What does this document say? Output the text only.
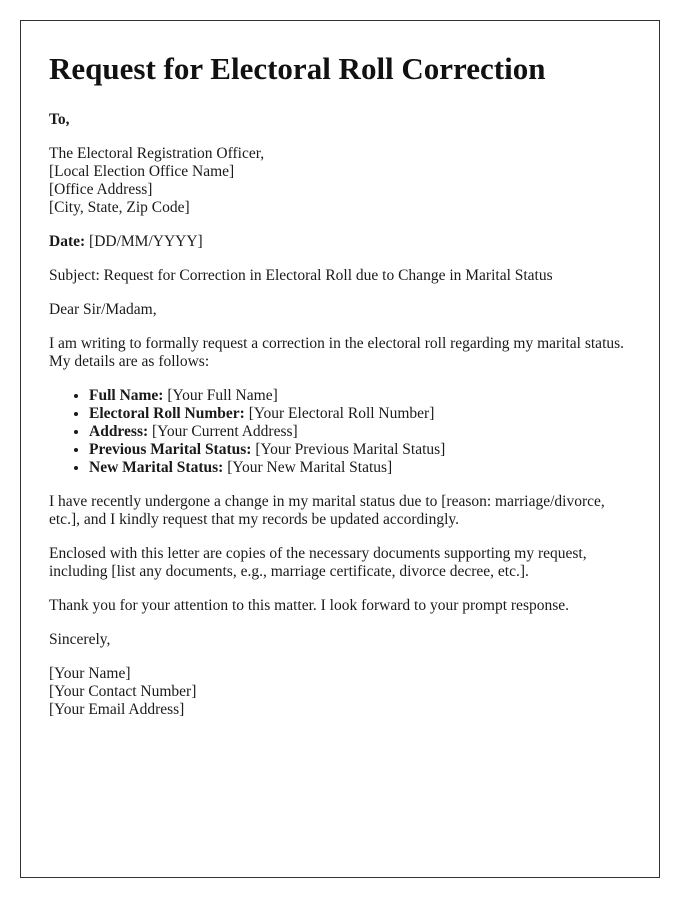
Request for Electoral Roll Correction

To,

The Electoral Registration Officer,
[Local Election Office Name]
[Office Address]
[City, State, Zip Code]

Date: [DD/MM/YYYY]

Subject: Request for Correction in Electoral Roll due to Change in Marital Status

Dear Sir/Madam,

I am writing to formally request a correction in the electoral roll regarding my marital status. My details are as follows:

• Full Name: [Your Full Name]
• Electoral Roll Number: [Your Electoral Roll Number]
• Address: [Your Current Address]
• Previous Marital Status: [Your Previous Marital Status]
• New Marital Status: [Your New Marital Status]

I have recently undergone a change in my marital status due to [reason: marriage/divorce, etc.], and I kindly request that my records be updated accordingly.

Enclosed with this letter are copies of the necessary documents supporting my request, including [list any documents, e.g., marriage certificate, divorce decree, etc.].

Thank you for your attention to this matter. I look forward to your prompt response.

Sincerely,

[Your Name]
[Your Contact Number]
[Your Email Address]
